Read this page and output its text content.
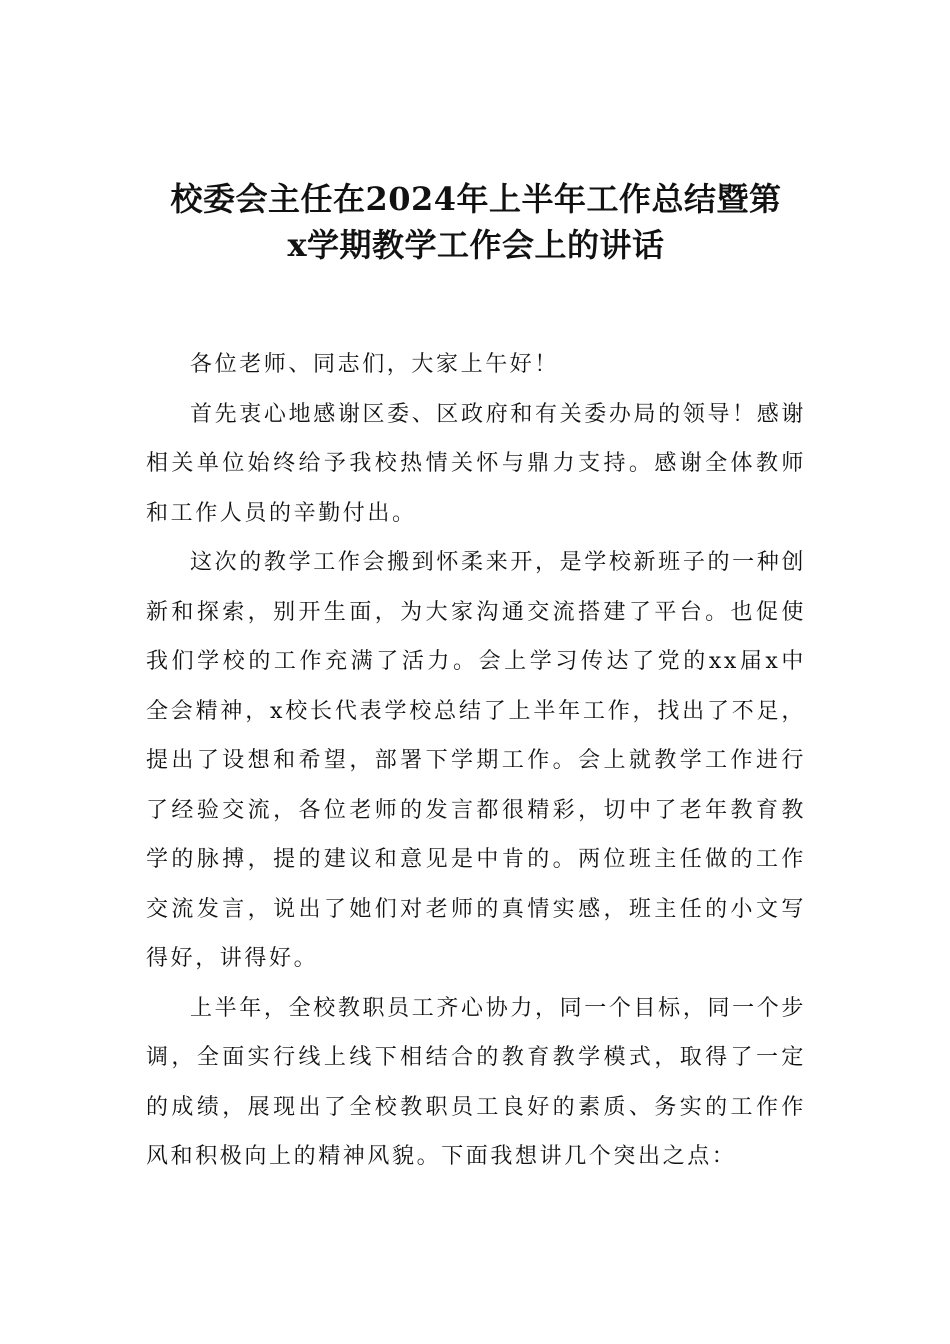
校委会主任在2024年上半年工作总结暨第
x学期教学工作会上的讲话

各位老师、同志们，大家上午好！

首先衷心地感谢区委、区政府和有关委办局的领导！感谢相关单位始终给予我校热情关怀与鼎力支持。感谢全体教师和工作人员的辛勤付出。

这次的教学工作会搬到怀柔来开，是学校新班子的一种创新和探索，别开生面，为大家沟通交流搭建了平台。也促使我们学校的工作充满了活力。会上学习传达了党的xx届x中全会精神，x校长代表学校总结了上半年工作，找出了不足，提出了设想和希望，部署下学期工作。会上就教学工作进行了经验交流，各位老师的发言都很精彩，切中了老年教育教学的脉搏，提的建议和意见是中肯的。两位班主任做的工作交流发言，说出了她们对老师的真情实感，班主任的小文写得好，讲得好。

上半年，全校教职员工齐心协力，同一个目标，同一个步调，全面实行线上线下相结合的教育教学模式，取得了一定的成绩，展现出了全校教职员工良好的素质、务实的工作作风和积极向上的精神风貌。下面我想讲几个突出之点：
